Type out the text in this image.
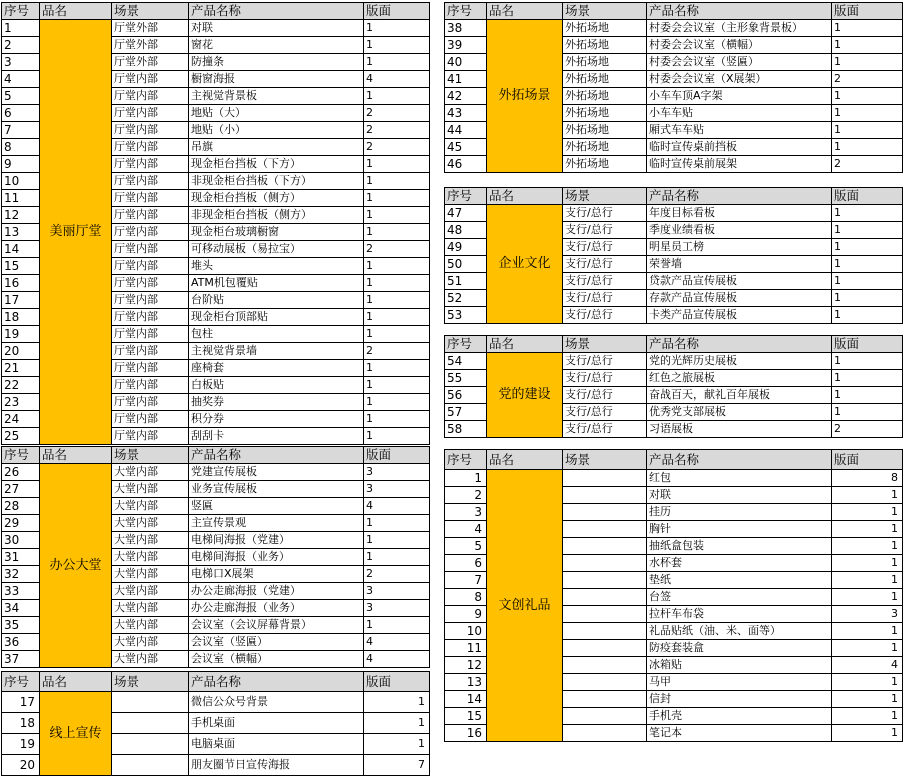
序号	品名	场景	产品名称	版面
1	美丽厅堂	厅堂外部	对联	1
2		厅堂外部	窗花	1
3		厅堂外部	防撞条	1
4		厅堂内部	橱窗海报	4
5		厅堂内部	主视觉背景板	1
6		厅堂内部	地贴（大）	2
7		厅堂内部	地贴（小）	2
8		厅堂内部	吊旗	2
9		厅堂内部	现金柜台挡板（下方）	1
10		厅堂内部	非现金柜台挡板（下方）	1
11		厅堂内部	现金柜台挡板（侧方）	1
12		厅堂内部	非现金柜台挡板（侧方）	1
13		厅堂内部	现金柜台玻璃橱窗	1
14		厅堂内部	可移动展板（易拉宝）	2
15		厅堂内部	堆头	1
16		厅堂内部	ATM机包覆贴	1
17		厅堂内部	台阶贴	1
18		厅堂内部	现金柜台顶部贴	1
19		厅堂内部	包柱	1
20		厅堂内部	主视觉背景墙	2
21		厅堂内部	座椅套	1
22		厅堂内部	白板贴	1
23		厅堂内部	抽奖券	1
24		厅堂内部	积分券	1
25		厅堂内部	刮刮卡	1
序号	品名	场景	产品名称	版面
26	办公大堂	大堂内部	党建宣传展板	3
27		大堂内部	业务宣传展板	3
28		大堂内部	竖匾	4
29		大堂内部	主宣传景观	1
30		大堂内部	电梯间海报（党建）	1
31		大堂内部	电梯间海报（业务）	1
32		大堂内部	电梯口X展架	2
33		大堂内部	办公走廊海报（党建）	3
34		大堂内部	办公走廊海报（业务）	3
35		大堂内部	会议室（会议屏幕背景）	1
36		大堂内部	会议室（竖匾）	4
37		大堂内部	会议室（横幅）	4
序号	品名	场景	产品名称	版面
17	线上宣传		微信公众号背景	1
18			手机桌面	1
19			电脑桌面	1
20			朋友圈节日宣传海报	7
序号	品名	场景	产品名称	版面
38	外拓场景	外拓场地	村委会会议室（主形象背景板）	1
39		外拓场地	村委会会议室（横幅）	1
40		外拓场地	村委会会议室（竖匾）	1
41		外拓场地	村委会会议室（X展架）	2
42		外拓场地	小车车顶A字架	1
43		外拓场地	小车车贴	1
44		外拓场地	厢式车车贴	1
45		外拓场地	临时宣传桌前挡板	1
46		外拓场地	临时宣传桌前展架	2
序号	品名	场景	产品名称	版面
47	企业文化	支行/总行	年度目标看板	1
48		支行/总行	季度业绩看板	1
49		支行/总行	明星员工榜	1
50		支行/总行	荣誉墙	1
51		支行/总行	贷款产品宣传展板	1
52		支行/总行	存款产品宣传展板	1
53		支行/总行	卡类产品宣传展板	1
序号	品名	场景	产品名称	版面
54	党的建设	支行/总行	党的光辉历史展板	1
55		支行/总行	红色之旅展板	1
56		支行/总行	奋战百天，献礼百年展板	1
57		支行/总行	优秀党支部展板	1
58		支行/总行	习语展板	2
序号	品名	场景	产品名称	版面
1	文创礼品		红包	8
2			对联	1
3			挂历	1
4			胸针	1
5			抽纸盒包装	1
6			水杯套	1
7			垫纸	1
8			台签	1
9			拉杆车布袋	3
10			礼品贴纸（油、米、面等）	1
11			防疫套装盒	1
12			冰箱贴	4
13			马甲	1
14			信封	1
15			手机壳	1
16			笔记本	1
